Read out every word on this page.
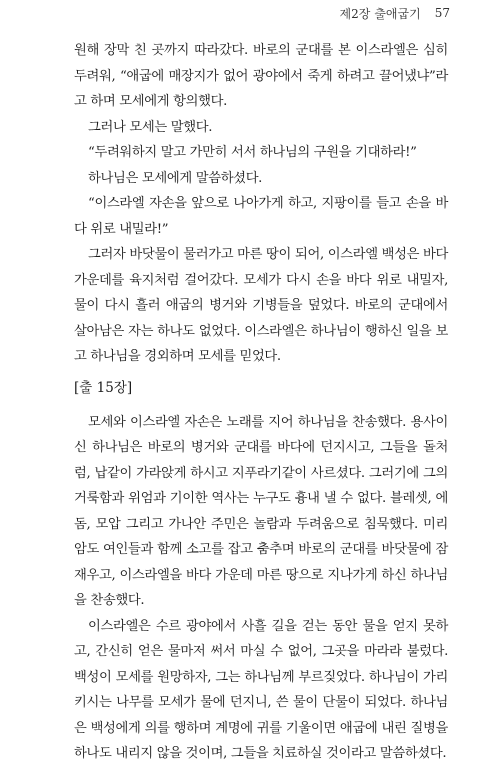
제2장 출애굽기 57

원해 장막 친 곳까지 따라갔다. 바로의 군대를 본 이스라엘은 심히 두려워, “애굽에 매장지가 없어 광야에서 죽게 하려고 끌어냈냐”라고 하며 모세에게 항의했다.

그러나 모세는 말했다.

“두려워하지 말고 가만히 서서 하나님의 구원을 기대하라!”

하나님은 모세에게 말씀하셨다.

“이스라엘 자손을 앞으로 나아가게 하고, 지팡이를 들고 손을 바다 위로 내밀라!”

그러자 바닷물이 물러가고 마른 땅이 되어, 이스라엘 백성은 바다 가운데를 육지처럼 걸어갔다. 모세가 다시 손을 바다 위로 내밀자, 물이 다시 흘러 애굽의 병거와 기병들을 덮었다. 바로의 군대에서 살아남은 자는 하나도 없었다. 이스라엘은 하나님이 행하신 일을 보고 하나님을 경외하며 모세를 믿었다.

[출 15장]

모세와 이스라엘 자손은 노래를 지어 하나님을 찬송했다. 용사이신 하나님은 바로의 병거와 군대를 바다에 던지시고, 그들을 돌처럼, 납같이 가라앉게 하시고 지푸라기같이 사르셨다. 그러기에 그의 거룩함과 위엄과 기이한 역사는 누구도 흉내 낼 수 없다. 블레셋, 에돔, 모압 그리고 가나안 주민은 놀람과 두려움으로 침묵했다. 미리암도 여인들과 함께 소고를 잡고 춤추며 바로의 군대를 바닷물에 잠재우고, 이스라엘을 바다 가운데 마른 땅으로 지나가게 하신 하나님을 찬송했다.

이스라엘은 수르 광야에서 사흘 길을 걷는 동안 물을 얻지 못하고, 간신히 얻은 물마저 써서 마실 수 없어, 그곳을 마라라 불렀다. 백성이 모세를 원망하자, 그는 하나님께 부르짖었다. 하나님이 가리키시는 나무를 모세가 물에 던지니, 쓴 물이 단물이 되었다. 하나님은 백성에게 의를 행하며 계명에 귀를 기울이면 애굽에 내린 질병을 하나도 내리지 않을 것이며, 그들을 치료하실 것이라고 말씀하셨다.
